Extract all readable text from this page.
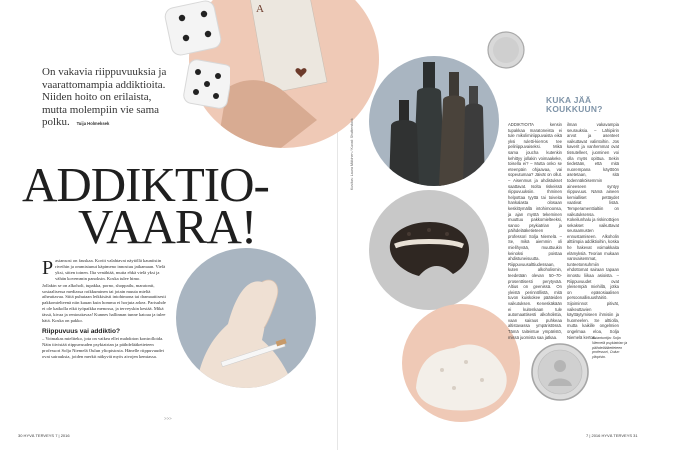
A
On vakavia riippuvuuksia ja vaarattomampia addiktioita. Niiden hoito on erilaista, mutta molempiin vie sama polku. Tuija Holmeksek
ADDIKTIO-
VAARA!
P asiansosi on fauskaa. Kortit valahtavat näytöllä kauniisiin riveihin ja ommistunut käpimeno innostuu jatkamaan. Vielä yksi, sitten toinen. Ilta venähtää, mutta ehkä vielä yksi ja vähän kovemmin panoksin. Koska tulee himo.
Jollakin se on alkoholi, tupakka, porno, shoppailu, maratonit, sosiaalisessa mediassa roikkuminen tai jotain muuta mieltä aiheuttavaa. Siitä puhutaan leikkisästi intohimona tai dramaattisesti pakkomielteenä niin kauan kuin homma ei horjuta arkea. Parisuhde ei ole katkolla eikä työpaikka menossa, ja terveyskin kestää. Mikä tässä, kivaa ja rentouttavaa! Kunnes hallinnan tunne katoaa ja tulee hätä. Koska on pakko.
Riippuvuus vai addiktio?
– Voimakas mielitekо, jota on vaikea ellei mahdoton kontrolloida. Näin tiivistää riippuvuuden psykiatrian ja päihdelääketieteen professori Solja Niemelä Oulun yliopistosta. Hänelle riippuvuudet ovat sairauksia, joiden merkit näkyvät myös aivojen kemiassa.
>>>
30 HYVÄ TERVEYS 7 | 2016
Kuvitus: Laura Mäkinen / Kuvat: Shutterstock
KUKA JÄÄ KOUKKUUN?
ADDIKTIOITA kensin tupakkaa maratoneista ei tule mikolimiriippuvaista eikä yksi ruletti-kierros tee peliriippuvaiseksi. Mikä sama joucha kutenkin kehittyy jollakin voimaakeke, toisella ei? – Mutta onko se eteenpäin ohjaavaa, vai sopeutumaa? Jäivät on ollut. – Aisenmus ja ahdistukset saattavat. Isolta riskeissä riippuvuuksiin. Ihminen helpottaa tyyttä tai toiveita hankalasta olosaan keskittymällä intohimoonsa, ja ajan myötä tekeminen muuttuu pakkomielteeksi, sanoo psykiatrian ja päihdelääketieteen professori Solja Niemelä. – Se, mikä aiemmin oli mielihyvää, muuttuukin keinoksi poistaa ahdistuneisuutta. Riippuvuusalttiudessaan, kuten alkoholismin, teedetään olevan 50–70-prosenttisesti perytyvää. Altius on geenissä. On yleistä perinnöllistä, mitä tuvon kuiskokee pääteiden vaikutuksen. Keneskäkään ei kuitenkaan tule automaattisesti alkoholistia, vaan sairaus puhkeaa altistavassa ympäristössä. Tämä taiteintue ympäristö, missä juomista saa jatkaa.
ilman vakavampia seurauksia. – Lähipiirin arvot ja asenteet vaikuttavat valintoihin. Jos kaverit ja vanhemmat ovat tissutelleet, juominen voi olla myös opittua. Sekin tiedetään, että mitä nuorempana käyttöön asetetaan, sitä todennäköisemmin aineeseen syntyy riippuvuus. Nämä aineen kemialliset pettäydet vaativat lisää. Temperamenttialtiin on vaikutuksensa. Kokeilunhalu ja riskinottojen sekakset vaikuttavat seuraamusten ennustamiseen. Alkoholin alttiimpia addiktioihin, koska he hakevat voimakkaita elämyksiä. Teorian mukaan varovaisemmat, tunteetonsuhmiin ehdottomat sairaan tapaan innostu liikaa asioista. – Riippuvuudet ovat yleisempiä miehillä, jotka on epäsosiaalisen persoonallisuushäiriö. Sijoiminnot pitivät, vaikeuttavien käyttäytymiseen ihmisiin ja huomeelen. Se alttiolla, mutta kaikille ongelmien ongelmaa eloa, Solja Niemelä kertoo.
Asiantuntija: Solja Niemelä psykiatrian ja päihdelääketieteen professori, Oulun yliopisto.
7 | 2016 HYVÄ TERVEYS 31
